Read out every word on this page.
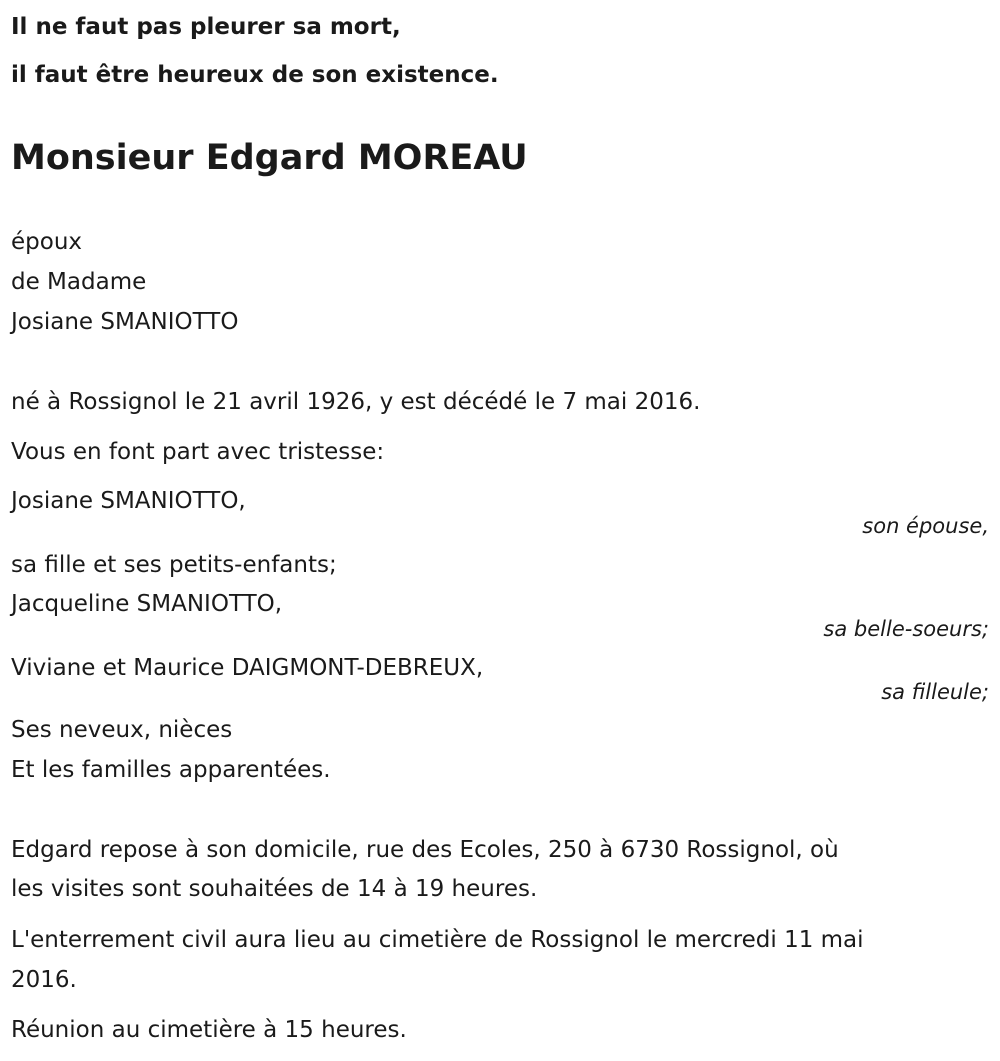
Il ne faut pas pleurer sa mort,

il faut être heureux de son existence.

Monsieur Edgard MOREAU

époux

de Madame

Josiane SMANIOTTO

né à Rossignol le 21 avril 1926, y est décédé le 7 mai 2016.

Vous en font part avec tristesse:

Josiane SMANIOTTO,

son épouse,

sa fille et ses petits-enfants;

Jacqueline SMANIOTTO,

sa belle-soeurs;

Viviane et Maurice DAIGMONT-DEBREUX,

sa filleule;

Ses neveux, nièces

Et les familles apparentées.

Edgard repose à son domicile, rue des Ecoles, 250 à 6730 Rossignol, où

les visites sont souhaitées de 14 à 19 heures.

L'enterrement civil aura lieu au cimetière de Rossignol le mercredi 11 mai

2016.

Réunion au cimetière à 15 heures.
